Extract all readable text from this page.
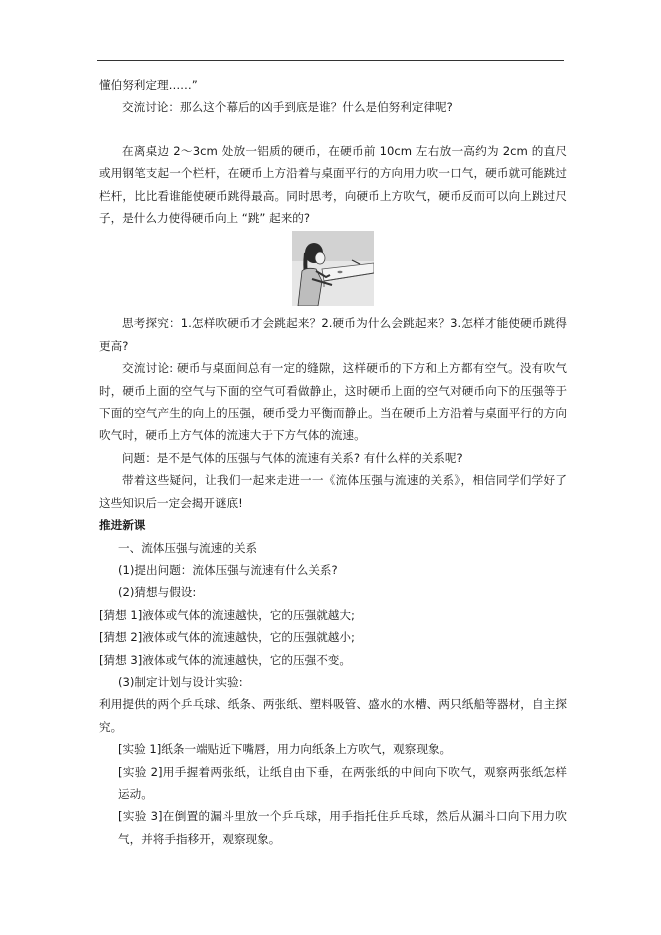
懂伯努利定理……”

交流讨论：那么这个幕后的凶手到底是谁？什么是伯努利定律呢?

在离桌边 2～3cm 处放一铝质的硬币，在硬币前 10cm 左右放一高约为 2cm 的直尺或用钢笔支起一个栏杆，在硬币上方沿着与桌面平行的方向用力吹一口气，硬币就可能跳过栏杆，比比看谁能使硬币跳得最高。同时思考，向硬币上方吹气，硬币反而可以向上跳过尺子，是什么力使得硬币向上 “跳” 起来的?

思考探究：1.怎样吹硬币才会跳起来？2.硬币为什么会跳起来？3.怎样才能使硬币跳得更高?

交流讨论: 硬币与桌面间总有一定的缝隙，这样硬币的下方和上方都有空气。没有吹气时，硬币上面的空气与下面的空气可看做静止，这时硬币上面的空气对硬币向下的压强等于下面的空气产生的向上的压强，硬币受力平衡而静止。当在硬币上方沿着与桌面平行的方向吹气时，硬币上方气体的流速大于下方气体的流速。

问题：是不是气体的压强与气体的流速有关系? 有什么样的关系呢?

带着这些疑问，让我们一起来走进一一《流体压强与流速的关系》，相信同学们学好了这些知识后一定会揭开谜底!

推进新课

一、流体压强与流速的关系

(1)提出问题：流体压强与流速有什么关系?

(2)猜想与假设:

[猜想 1]液体或气体的流速越快，它的压强就越大;

[猜想 2]液体或气体的流速越快，它的压强就越小;

[猜想 3]液体或气体的流速越快，它的压强不变。

(3)制定计划与设计实验:

利用提供的两个乒乓球、纸条、两张纸、塑料吸管、盛水的水槽、两只纸船等器材，自主探究。

[实验 1]纸条一端贴近下嘴唇，用力向纸条上方吹气，观察现象。

[实验 2]用手握着两张纸，让纸自由下垂，在两张纸的中间向下吹气，观察两张纸怎样运动。

[实验 3]在倒置的漏斗里放一个乒乓球，用手指托住乒乓球，然后从漏斗口向下用力吹气，并将手指移开，观察现象。
